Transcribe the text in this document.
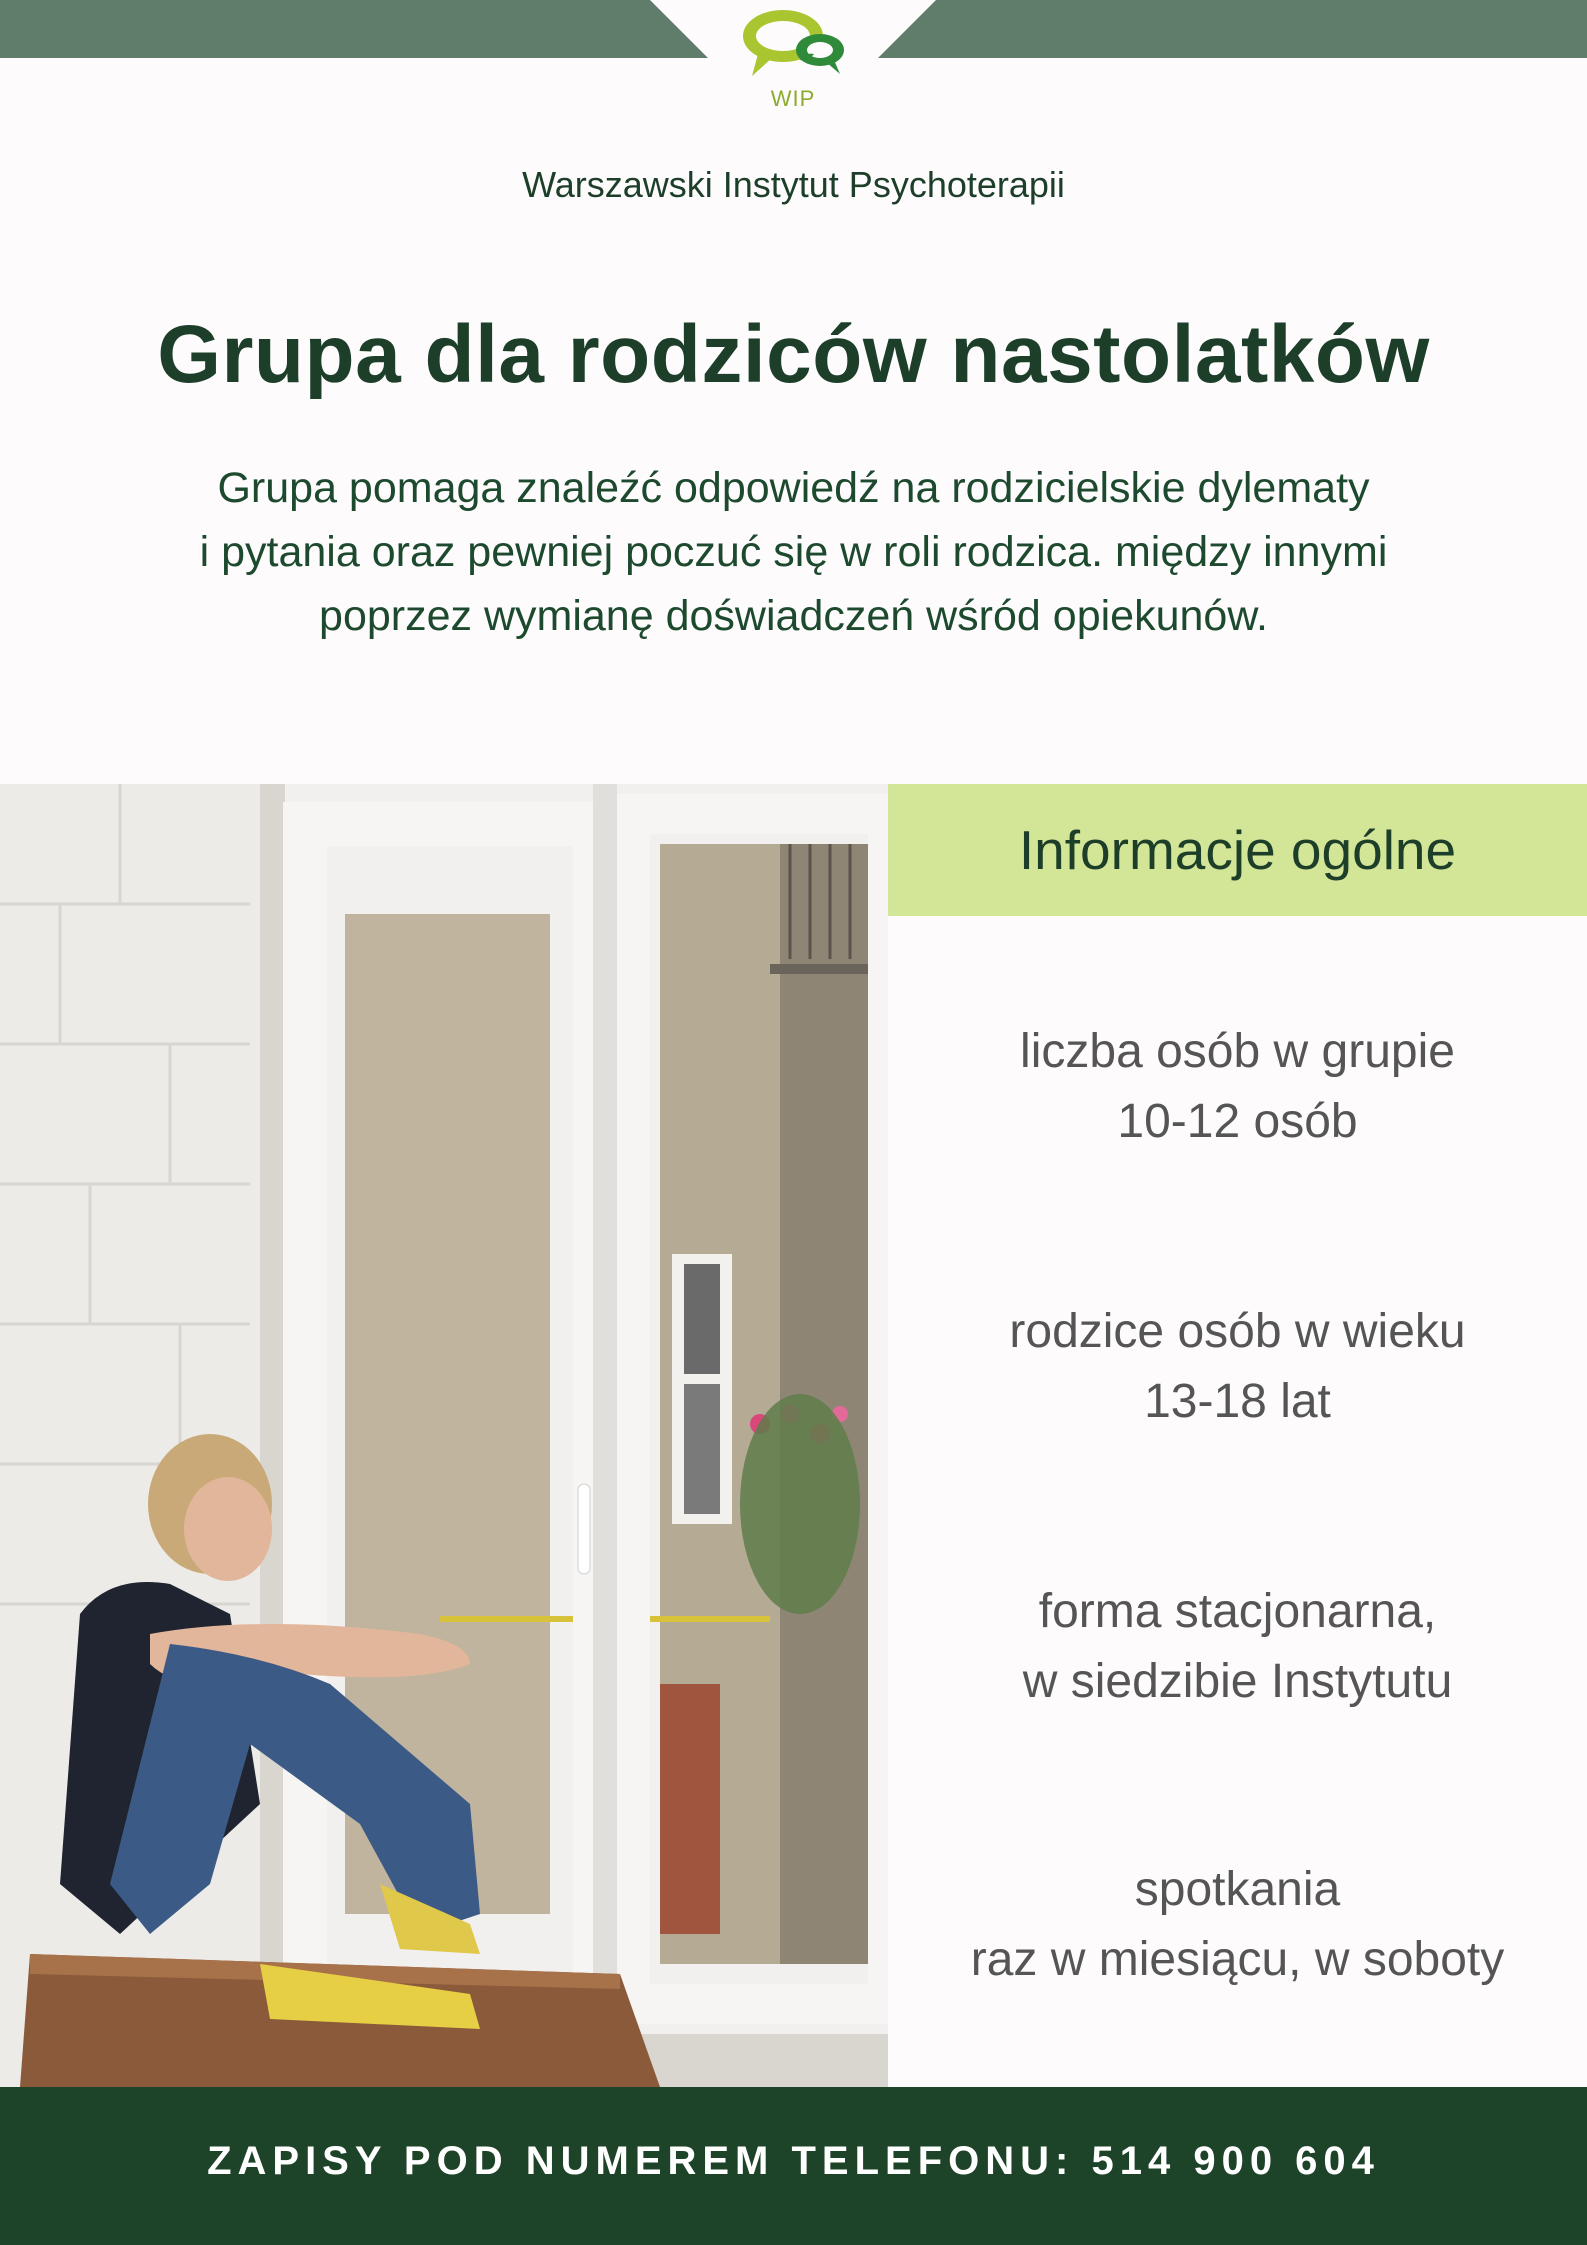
WIP
Warszawski Instytut Psychoterapii
Grupa dla rodziców nastolatków
Grupa pomaga znaleźć odpowiedź na rodzicielskie dylematy
i pytania oraz pewniej poczuć się w roli rodzica. między innymi
poprzez wymianę doświadczeń wśród opiekunów.
Informacje ogólne
liczba osób w grupie
10-12 osób
rodzice osób w wieku
13-18 lat
forma stacjonarna,
w siedzibie Instytutu
spotkania
raz w miesiącu, w soboty
ZAPISY POD NUMEREM TELEFONU: 514 900 604
